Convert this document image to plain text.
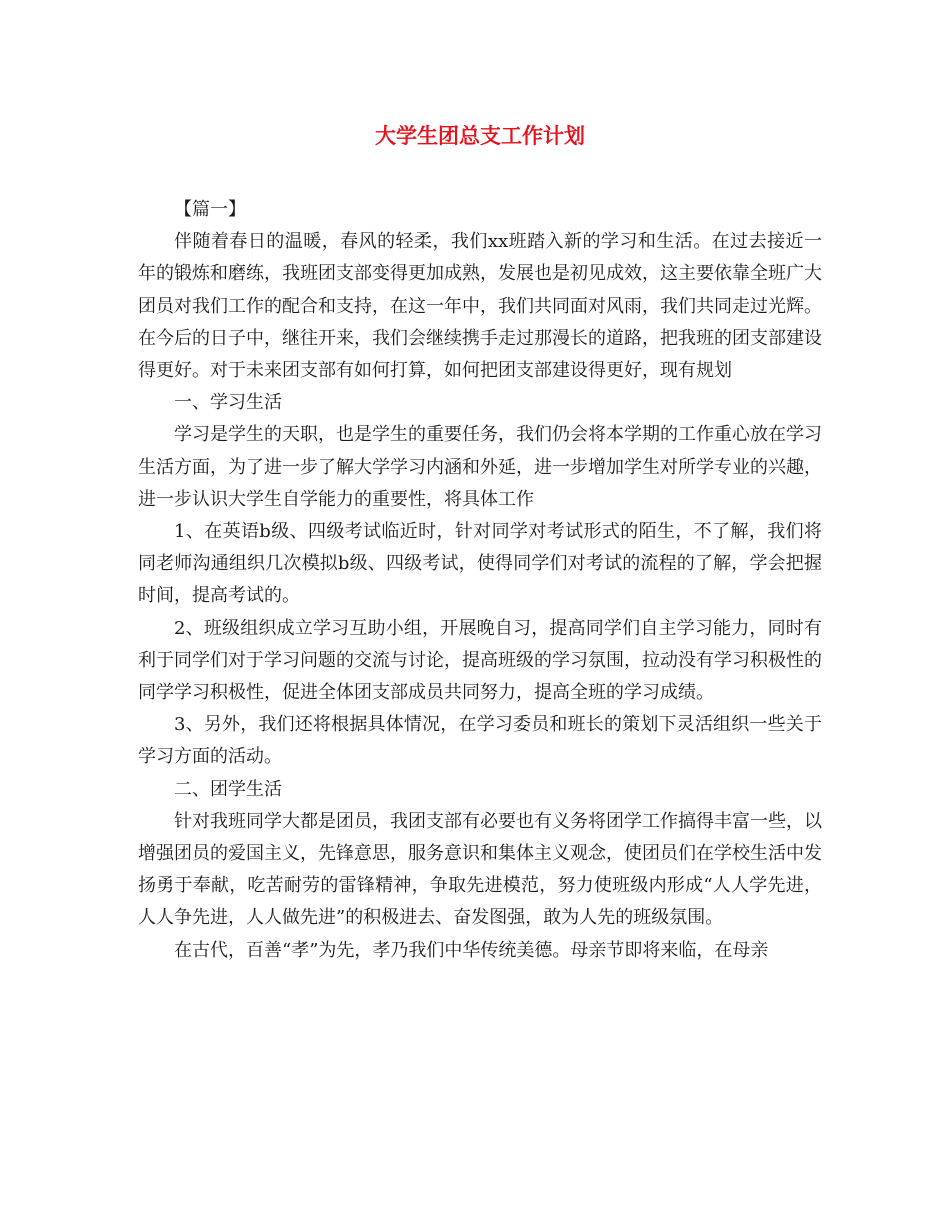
大学生团总支工作计划

【篇一】

伴随着春日的温暖，春风的轻柔，我们xx班踏入新的学习和生活。在过去接近一年的锻炼和磨练，我班团支部变得更加成熟，发展也是初见成效，这主要依靠全班广大团员对我们工作的配合和支持，在这一年中，我们共同面对风雨，我们共同走过光辉。在今后的日子中，继往开来，我们会继续携手走过那漫长的道路，把我班的团支部建设得更好。对于未来团支部有如何打算，如何把团支部建设得更好，现有规划

一、学习生活

学习是学生的天职，也是学生的重要任务，我们仍会将本学期的工作重心放在学习生活方面，为了进一步了解大学学习内涵和外延，进一步增加学生对所学专业的兴趣，进一步认识大学生自学能力的重要性，将具体工作

1、在英语b级、四级考试临近时，针对同学对考试形式的陌生，不了解，我们将同老师沟通组织几次模拟b级、四级考试，使得同学们对考试的流程的了解，学会把握时间，提高考试的。

2、班级组织成立学习互助小组，开展晚自习，提高同学们自主学习能力，同时有利于同学们对于学习问题的交流与讨论，提高班级的学习氛围，拉动没有学习积极性的同学学习积极性，促进全体团支部成员共同努力，提高全班的学习成绩。

3、另外，我们还将根据具体情况，在学习委员和班长的策划下灵活组织一些关于学习方面的活动。

二、团学生活

针对我班同学大都是团员，我团支部有必要也有义务将团学工作搞得丰富一些，以增强团员的爱国主义，先锋意思，服务意识和集体主义观念，使团员们在学校生活中发扬勇于奉献，吃苦耐劳的雷锋精神，争取先进模范，努力使班级内形成“人人学先进，人人争先进，人人做先进”的积极进去、奋发图强，敢为人先的班级氛围。

在古代，百善“孝”为先，孝乃我们中华传统美德。母亲节即将来临，在母亲
